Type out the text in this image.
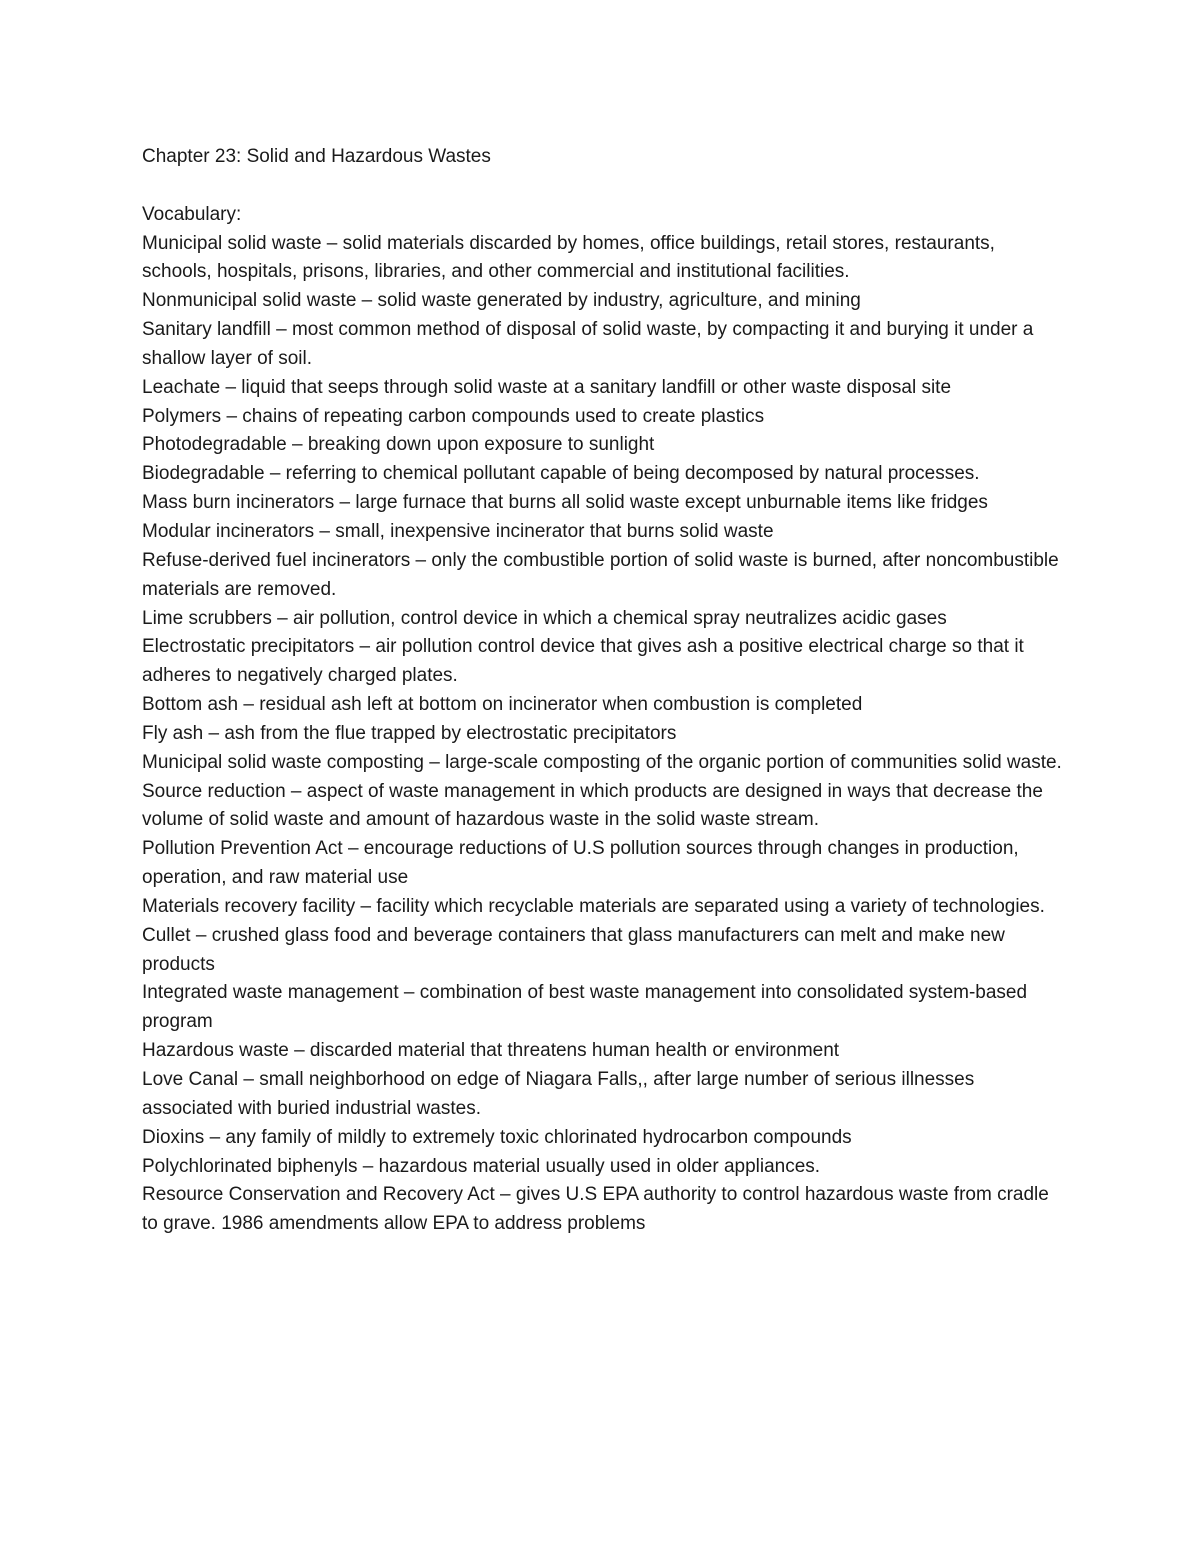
Chapter 23: Solid and Hazardous Wastes

Vocabulary:

Municipal solid waste – solid materials discarded by homes, office buildings, retail stores, restaurants, schools, hospitals, prisons, libraries, and other commercial and institutional facilities.
Nonmunicipal solid waste – solid waste generated by industry, agriculture, and mining
Sanitary landfill – most common method of disposal of solid waste, by compacting it and burying it under a shallow layer of soil.
Leachate – liquid that seeps through solid waste at a sanitary landfill or other waste disposal site
Polymers – chains of repeating carbon compounds used to create plastics
Photodegradable – breaking down upon exposure to sunlight
Biodegradable – referring to chemical pollutant capable of being decomposed by natural processes.
Mass burn incinerators – large furnace that burns all solid waste except unburnable items like fridges
Modular incinerators – small, inexpensive incinerator that burns solid waste
Refuse-derived fuel incinerators – only the combustible portion of solid waste is burned, after noncombustible materials are removed.
Lime scrubbers – air pollution, control device in which a chemical spray neutralizes acidic gases
Electrostatic precipitators – air pollution control device that gives ash a positive electrical charge so that it adheres to negatively charged plates.
Bottom ash – residual ash left at bottom on incinerator when combustion is completed
Fly ash – ash from the flue trapped by electrostatic precipitators
Municipal solid waste composting – large-scale composting of the organic portion of communities solid waste.
Source reduction – aspect of waste management in which products are designed in ways that decrease the volume of solid waste and amount of hazardous waste in the solid waste stream.
Pollution Prevention Act – encourage reductions of U.S pollution sources through changes in production, operation, and raw material use
Materials recovery facility – facility which recyclable materials are separated using a variety of technologies.
Cullet – crushed glass food and beverage containers that glass manufacturers can melt and make new products
Integrated waste management – combination of best waste management into consolidated system-based program
Hazardous waste – discarded material that threatens human health or environment
Love Canal – small neighborhood on edge of Niagara Falls,, after large number of serious illnesses associated with buried industrial wastes.
Dioxins – any family of mildly to extremely toxic chlorinated hydrocarbon compounds
Polychlorinated biphenyls – hazardous material usually used in older appliances.
Resource Conservation and Recovery Act – gives U.S EPA authority to control hazardous waste from cradle to grave. 1986 amendments allow EPA to address problems
